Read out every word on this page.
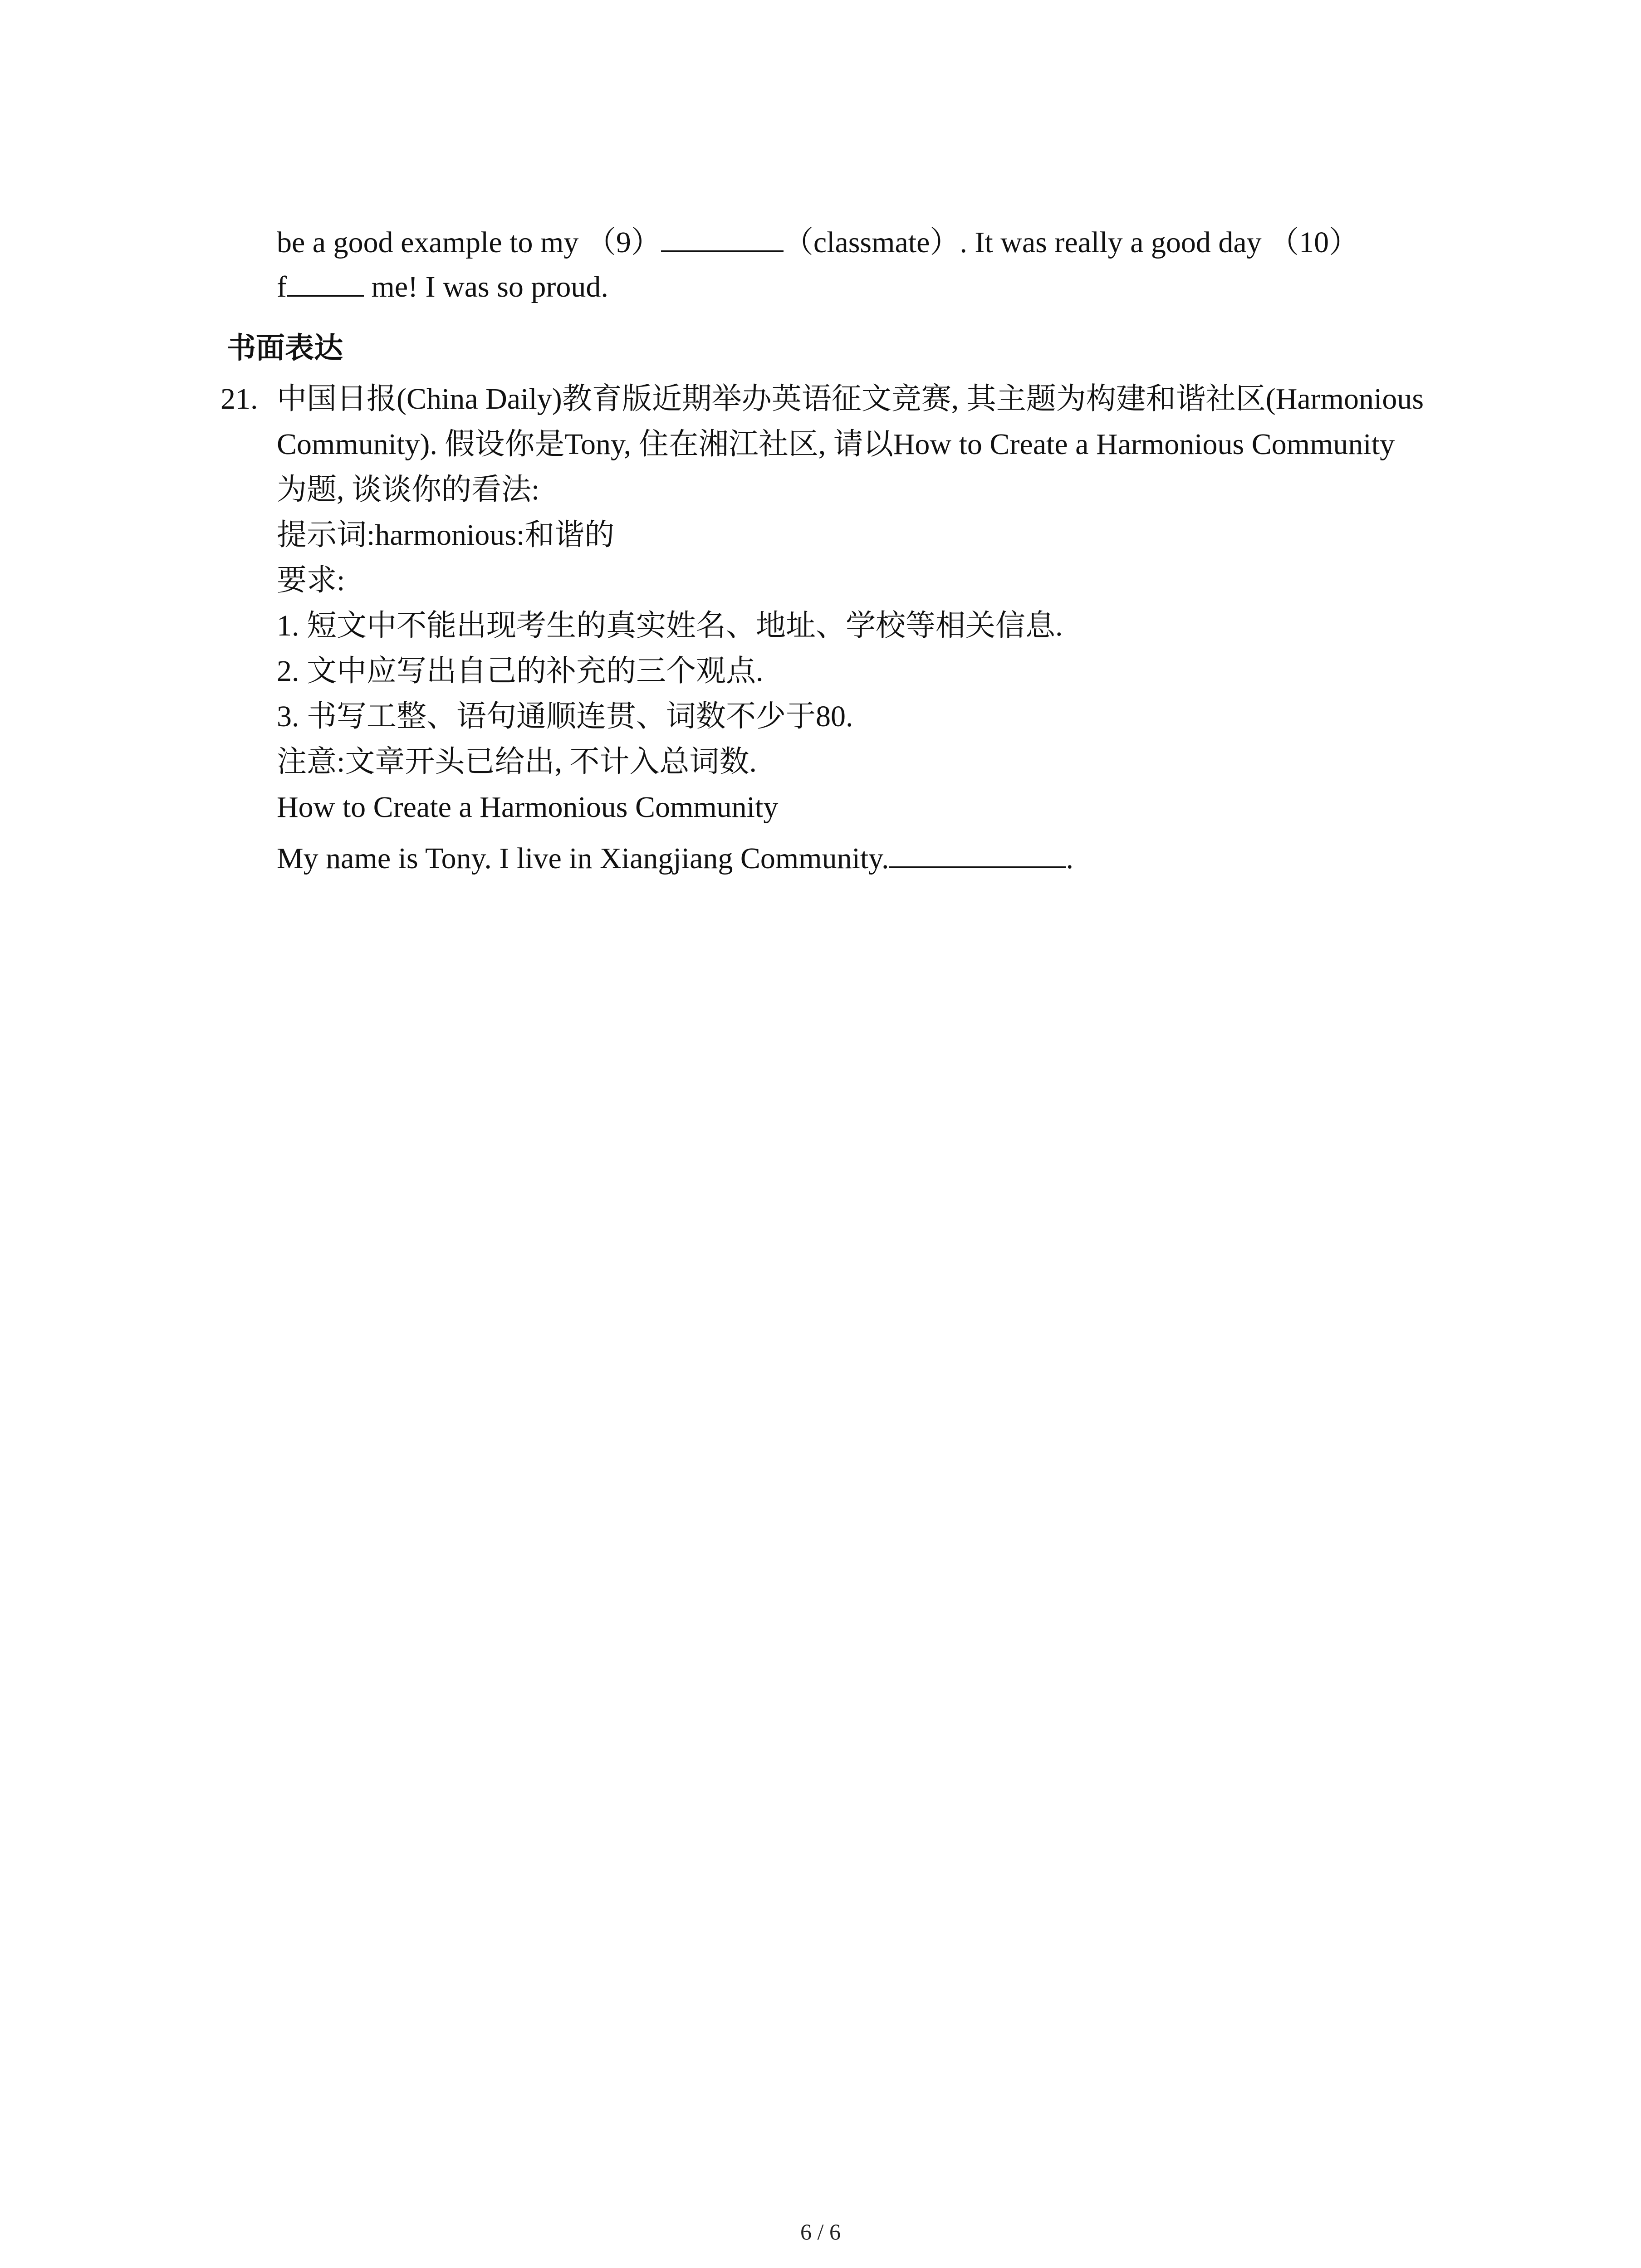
be a good example to my （9）	（classmate）. It was really a good day （10）
f	me! I was so proud.
书面表达
21. 中国日报(China Daily)教育版近期举办英语征文竞赛, 其主题为构建和谐社区(Harmonious
Community). 假设你是Tony, 住在湘江社区, 请以How to Create a Harmonious Community
为题, 谈谈你的看法:
提示词:harmonious:和谐的
要求:
1. 短文中不能出现考生的真实姓名、地址、学校等相关信息.
2. 文中应写出自己的补充的三个观点.
3. 书写工整、语句通顺连贯、词数不少于80.
注意:文章开头已给出, 不计入总词数.
How to Create a Harmonious Community
My name is Tony. I live in Xiangjiang Community.	.
6 / 6
